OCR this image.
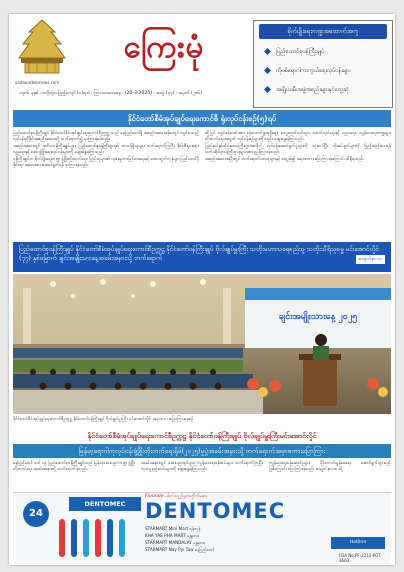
yadanarbonnews.com
ကြေးမုံ
၁၃၈၆ ခုနှစ် ၊ တပို့တွဲလပြည့်ကျော် (၈)ရက် ၊ ကြာသပတေးနေ့ ၊ (20-3-2025) ၊ အတွဲ (၃၃) ၊ အမှတ် (၂၀၆)
စိုက်ပျိုးရေးကဏ္ဍအထောက်အကူ
ပြည်ထောင်စုဝန်ကြီးချုပ်
ကိုဗစ်ရောဂါကာကွယ်ရေးလုပ်ငန်းများ
အမျိုးသမီးအဖွဲ့အစည်းများနှင့်တွေ့ဆုံ
နိုင်ငံတော်စီမံအုပ်ချုပ်ရေးကောင်စီ ရုံးလုပ်ငန်းစဉ်(၅)ရပ်

ပြည်ထောင်စုဝန်ကြီးချုပ် နိုင်ငံတော်စီမံအုပ်ချုပ်ရေးကောင်စီဥက္ကဋ္ဌ သည် နေပြည်တော်ရှိ အစည်းအဝေးခန်းမတွင် ကျင်းပသည့် လုပ်ငန်းညှိနှိုင်းအစည်းအဝေးသို့ တက်ရောက်၍ မှာကြားခဲ့ပါသည်။

အစည်းအဝေးတွင် ဒုတိယဝန်ကြီးချုပ်များ၊ ပြည်ထောင်စုဝန်ကြီးများနှင့် တာဝန်ရှိသူများ တက်ရောက်ကြပြီး နိုင်ငံ့စီးပွားရေး၊ လူမှုရေးနှင့် ဒေသဖွံ့ဖြိုးရေးလုပ်ငန်းများကို ဆွေးနွေးခဲ့ကြသည်။

ဝန်ကြီးချုပ်က စိုက်ပျိုးရေးကဏ္ဍ ဖွံ့ဖြိုးတိုးတက်ရေး၊ ပြည်သူများ၏ လူနေမှုဘဝမြင့်မားရေးနှင့် ဒေသထွက်ကုန်များ ပြည်ပတင်ပို့နိုင်ရေး အလေးထားဆောင်ရွက်ရန် မှာကြားခဲ့သည်။

ထို့ပြင် လျှပ်စစ်ဓာတ်အား လုံလောက်စွာရရှိရေး၊ ကျေးလက်လမ်းများ ဖောက်လုပ်ရေးနှင့် ပညာရေး၊ ကျန်းမာရေးကဏ္ဍများ တိုးတက်ရေးအတွက် လုပ်ငန်းစဉ်များကိုလည်း ဆွေးနွေးခဲ့ကြသည်။

ပြည်နယ်နှင့်တိုင်းဒေသကြီးများအလိုက် လုပ်ငန်းဆောင်ရွက်မှုများကို သုံးသပ်ပြီး လိုအပ်ချက်များကို ဖြည့်ဆည်းပေးရန် သက်ဆိုင်ရာဝန်ကြီးဌာနများအား ညွှန်ကြားခဲ့သည်။

အစည်းအဝေးအပြီးတွင် တက်ရောက်လာသူများနှင့် တွေ့ဆုံ၍ အမှာစကား ပြောကြားခဲ့ကြောင်း သိရှိရသည်။

ပြည်ထောင်စုဝန်ကြီးချုပ် နိုင်ငံတော်စီမံအုပ်ချုပ်ရေးကောင်စီဥက္ကဋ္ဌ နိုင်ငံတော်ဝန်ကြီးချုပ် ဗိုလ်ချုပ်မှူးကြီး သတိုးမဟာသရေစည်သူ သတိုးသီရိသုဓမ္မ မင်းအောင်လှိုင် (၇၇) နှစ်မြောက် ချင်းအမျိုးသားနေ့အခမ်းအနားသို့ တက်ရောက်	စာမျက်နှာ-၁၈
ချင်းအမျိုးသားနေ့ ၂၀၂၅
နိုင်ငံတော်စီမံအုပ်ချုပ်ရေးကောင်စီဥက္ကဋ္ဌ နိုင်ငံတော်ဝန်ကြီးချုပ် ဗိုလ်ချုပ်မှူးကြီး မင်းအောင်လှိုင် အမှာစကားပြောကြားနေစဉ်
နိုင်ငံတော်စီမံအုပ်ချုပ်ရေးကောင်စီဥက္ကဋ္ဌ နိုင်ငံတော်ဝန်ကြီးချုပ် ဗိုလ်ချုပ်မှူးကြီးမင်းအောင်လှိုင်
မြန်မာ့ရောဂါကုလုပ်ငန်းဖွံ့ဖြိုးတိုးတက်ရေးရိုမ်(၂၀၂၅)မှုပွဲအခမ်းအနားသို့ တက်ရောက်အမှာစကားပြောကြား
နေပြည်တော် မတ် ၁၉ ပြည်ထောင်စုဝန်ကြီးချုပ်သည် မြန်မာ့ဆေးပညာကဏ္ဍ ဖွံ့ဖြိုးတိုးတက်ရေး အခမ်းအနားသို့ တက်ရောက်ခဲ့သည်။
အခမ်းအနားတွင် ဆေးပညာရှင်များ၊ ကျန်းမာရေးဝန်ထမ်းများ တက်ရောက်ကြပြီး ကုသမှုနည်းလမ်းများကို ဆွေးနွေးခဲ့ကြသည်။
ကျန်းမာရေးဝန်ဆောင်မှုများ ပိုမိုကောင်းမွန်စေရေး ဆောင်ရွက်သွားမည်ဖြစ်ကြောင်း ပြောကြားခဲ့သည်။ စာမျက်နှာ-၁၈ သို့
24
DENTOMEC
Fluoride ပါဝင်သည့်သွားတိုက်ဆေး
DENTOMEC
STARMART Mini Mart ရန်ကုန်
KHA YAE PHA MART မန္တလေး
STARMART MANDALAY မန္တလေး
STARMART Nay Pyi Taw နေပြည်တော်
Hotline
FDA No.PF-2212-POT-3663
